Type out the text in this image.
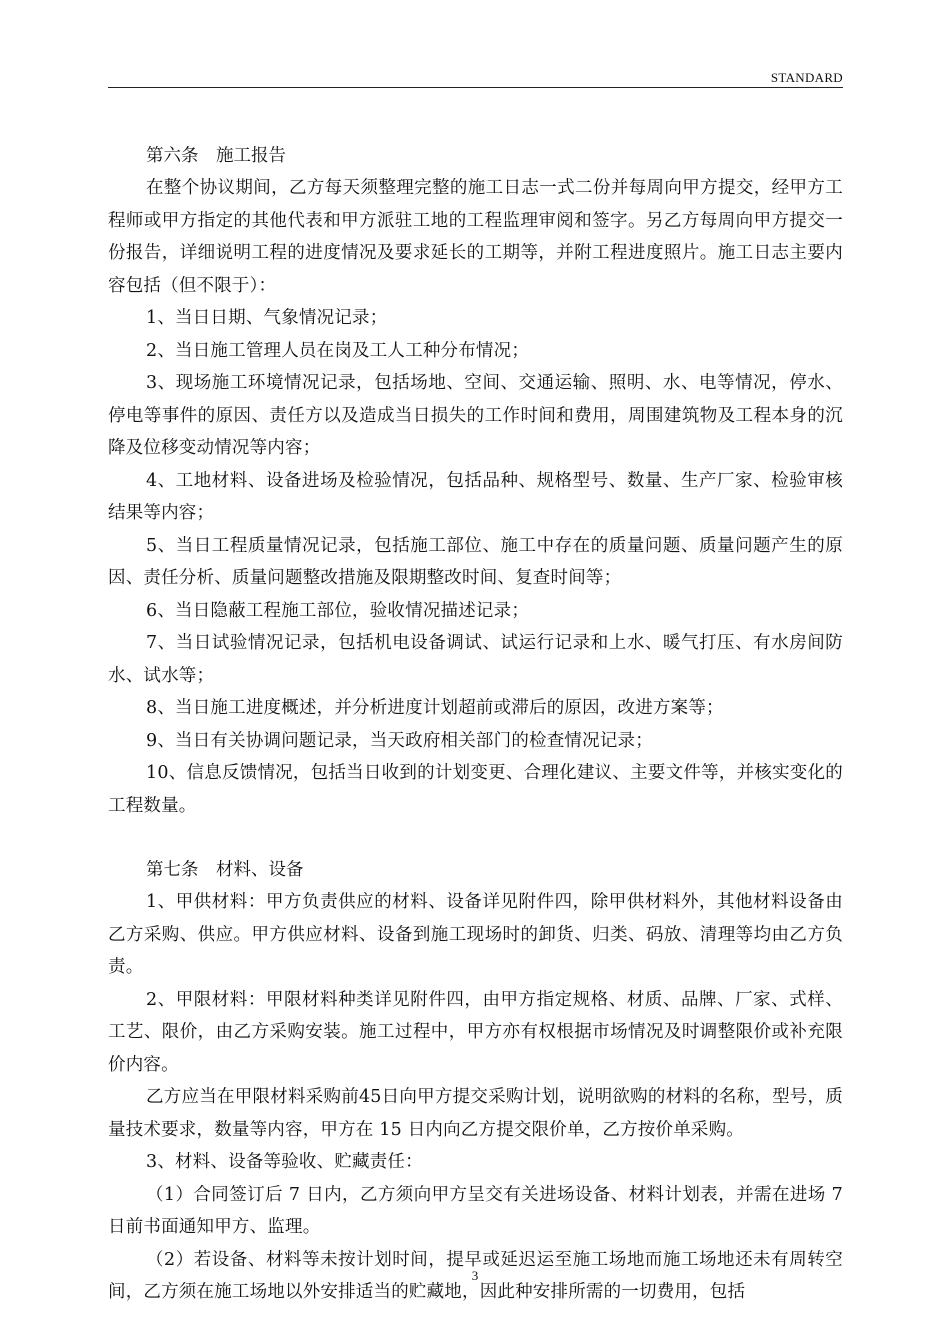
STANDARD

第六条　施工报告

在整个协议期间，乙方每天须整理完整的施工日志一式二份并每周向甲方提交，经甲方工程师或甲方指定的其他代表和甲方派驻工地的工程监理审阅和签字。另乙方每周向甲方提交一份报告，详细说明工程的进度情况及要求延长的工期等，并附工程进度照片。施工日志主要内容包括（但不限于）：

1、当日日期、气象情况记录；

2、当日施工管理人员在岗及工人工种分布情况；

3、现场施工环境情况记录，包括场地、空间、交通运输、照明、水、电等情况，停水、停电等事件的原因、责任方以及造成当日损失的工作时间和费用，周围建筑物及工程本身的沉降及位移变动情况等内容；

4、工地材料、设备进场及检验情况，包括品种、规格型号、数量、生产厂家、检验审核结果等内容；

5、当日工程质量情况记录，包括施工部位、施工中存在的质量问题、质量问题产生的原因、责任分析、质量问题整改措施及限期整改时间、复查时间等；

6、当日隐蔽工程施工部位，验收情况描述记录；

7、当日试验情况记录，包括机电设备调试、试运行记录和上水、暖气打压、有水房间防水、试水等；

8、当日施工进度概述，并分析进度计划超前或滞后的原因，改进方案等；

9、当日有关协调问题记录，当天政府相关部门的检查情况记录；

10、信息反馈情况，包括当日收到的计划变更、合理化建议、主要文件等，并核实变化的工程数量。

第七条　材料、设备

1、甲供材料：甲方负责供应的材料、设备详见附件四，除甲供材料外，其他材料设备由乙方采购、供应。甲方供应材料、设备到施工现场时的卸货、归类、码放、清理等均由乙方负责。

2、甲限材料：甲限材料种类详见附件四，由甲方指定规格、材质、品牌、厂家、式样、工艺、限价，由乙方采购安装。施工过程中，甲方亦有权根据市场情况及时调整限价或补充限价内容。

乙方应当在甲限材料采购前45日向甲方提交采购计划，说明欲购的材料的名称，型号，质量技术要求，数量等内容，甲方在 15 日内向乙方提交限价单，乙方按价单采购。

3、材料、设备等验收、贮藏责任：

（1）合同签订后 7 日内，乙方须向甲方呈交有关进场设备、材料计划表，并需在进场 7 日前书面通知甲方、监理。

（2）若设备、材料等未按计划时间，提早或延迟运至施工场地而施工场地还未有周转空间，乙方须在施工场地以外安排适当的贮藏地，因此种安排所需的一切费用，包括

3
